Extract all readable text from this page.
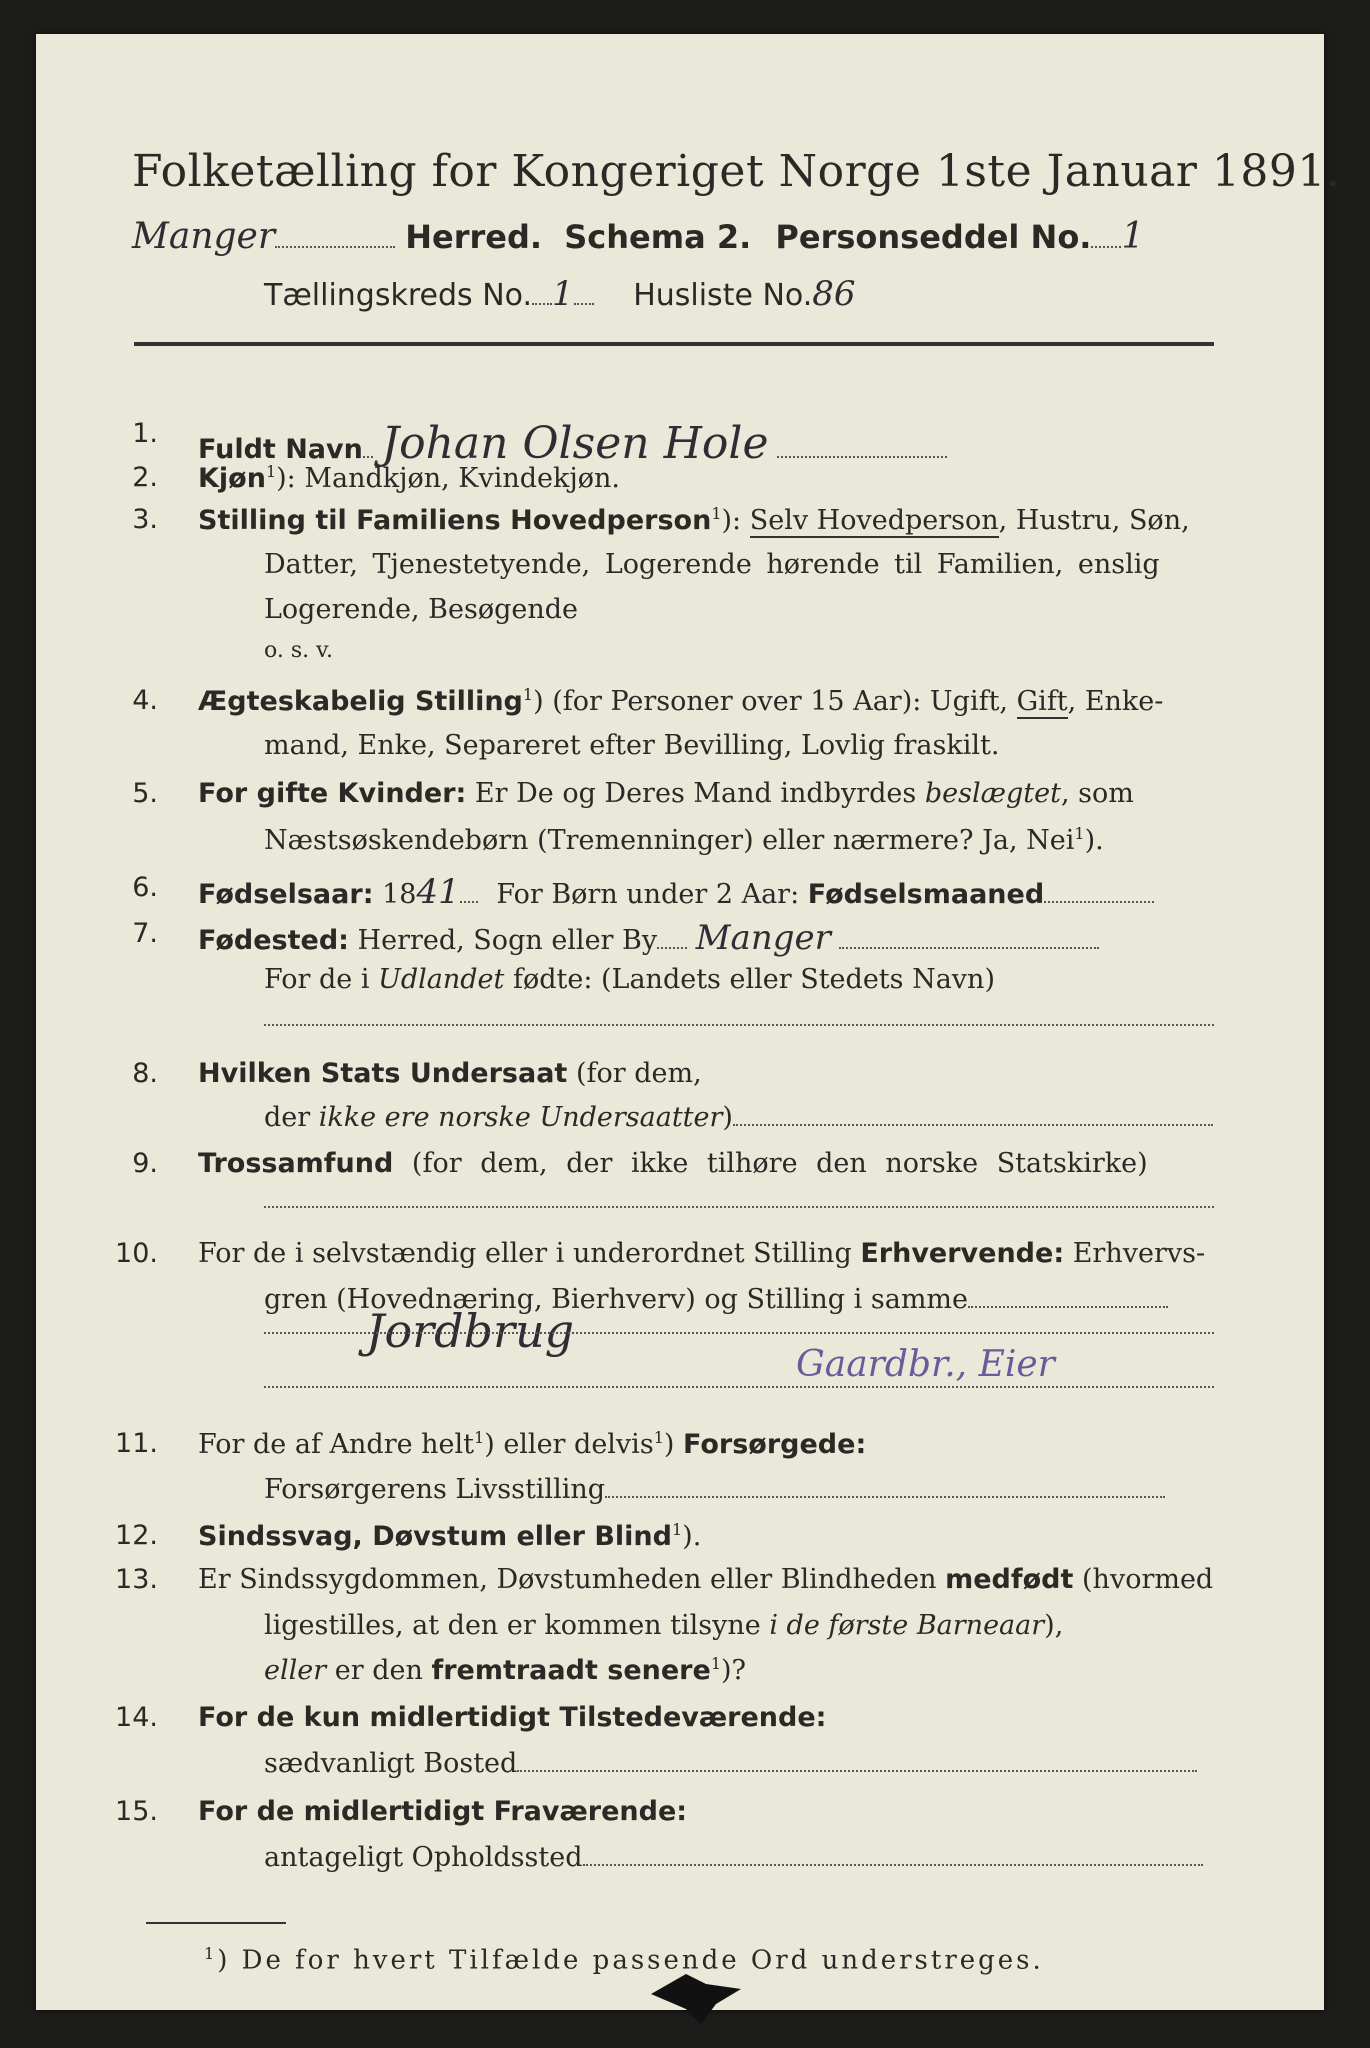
Folketælling for Kongeriget Norge 1ste Januar 1891.
Manger	Herred. Schema 2. Personseddel No. 1
Tællingskreds No. 1 Husliste No.86
1.
Fuldt Navn Johan Olsen Hole
2. Kjøn$^1$): Mandkjøn, Kvindekjøn.
3. Stilling til Familiens Hovedperson$^1$): Selv Hovedperson, Hustru, Søn,
Datter, Tjenestetyende, Logerende hørende til Familien, enslig
Logerende, Besøgende
o. s. v.
4. Ægteskabelig Stilling$^1$) (for Personer over 15 Aar): Ugift, Gift, Enke-
mand, Enke, Separeret efter Bevilling, Lovlig fraskilt.
5. For gifte Kvinder: Er De og Deres Mand indbyrdes beslægtet, som
Næstsøskendebørn (Tremenninger) eller nærmere? Ja, Nei$^1$).
6. Fødselsaar: 1841 For Børn under 2 Aar: Fødselsmaaned
7. Fødested: Herred, Sogn eller By Manger
For de i Udlandet fødte: (Landets eller Stedets Navn)
8. Hvilken Stats Undersaat (for dem,
der ikke ere norske Undersaatter)
9. Trossamfund (for dem, der ikke tilhøre den norske Statskirke)
10. For de i selvstændig eller i underordnet Stilling Erhvervende: Erhvervs-
gren (Hovednæring, Bierhverv) og Stilling i samme
Jordbrug
Gaardbr., Eier
11. For de af Andre helt$^1$) eller delvis$^1$) Forsørgede:
Forsørgerens Livsstilling
12. Sindssvag, Døvstum eller Blind$^1$).
13. Er Sindssygdommen, Døvstumheden eller Blindheden medfødt (hvormed
ligestilles, at den er kommen tilsyne i de første Barneaar),
eller er den fremtraadt senere$^1$)?
14. For de kun midlertidigt Tilstedeværende:
sædvanligt Bosted
15. For de midlertidigt Fraværende:
antageligt Opholdssted
$^1$) De for hvert Tilfælde passende Ord understreges.
